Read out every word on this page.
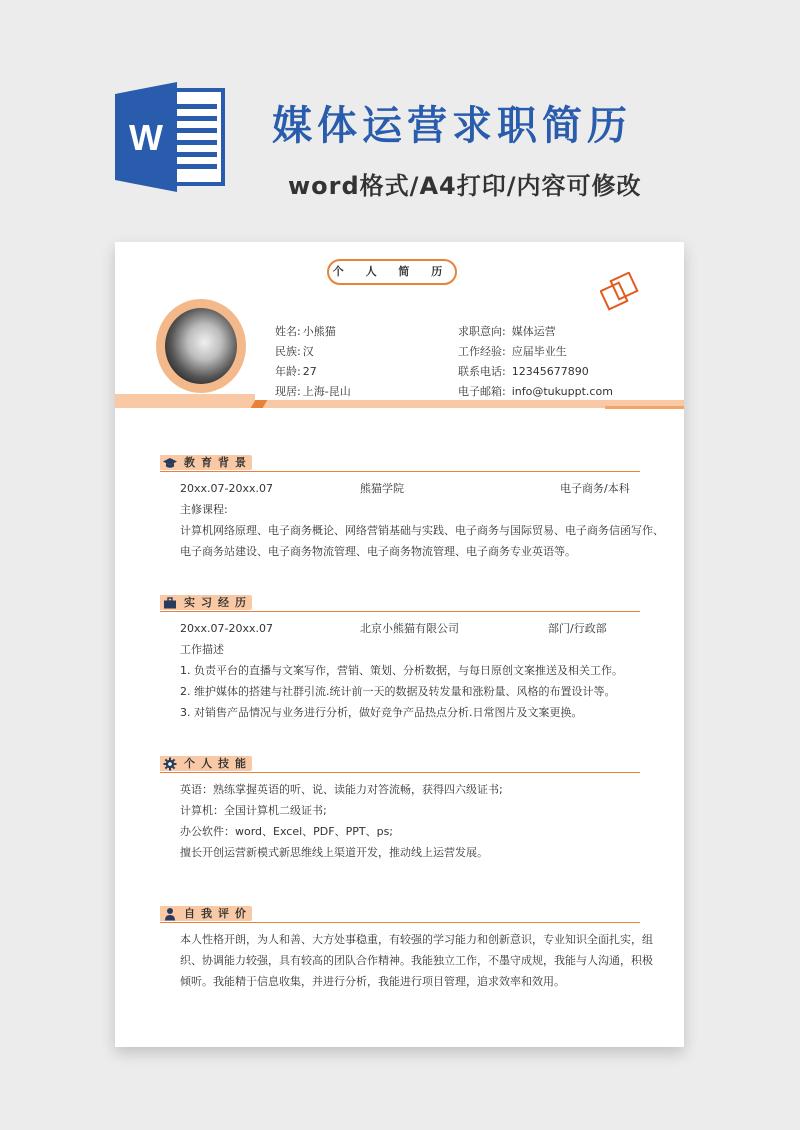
W	媒体运营求职简历
word格式/A4打印/内容可修改
个 人 简 历
姓名: 小熊猫
民族: 汉
年龄: 27
现居: 上海-昆山
求职意向: 媒体运营
工作经验: 应届毕业生
联系电话: 12345677890
电子邮箱: info@tukuppt.com
教育背景
20xx.07-20xx.07	熊猫学院	电子商务/本科
主修课程:
计算机网络原理、电子商务概论、网络营销基础与实践、电子商务与国际贸易、电子商务信函写作、
电子商务站建设、电子商务物流管理、电子商务物流管理、电子商务专业英语等。
实习经历
20xx.07-20xx.07	北京小熊猫有限公司	部门/行政部
工作描述
1. 负责平台的直播与文案写作，营销、策划、分析数据，与每日原创文案推送及相关工作。
2. 维护媒体的搭建与社群引流.统计前一天的数据及转发量和涨粉量、风格的布置设计等。
3. 对销售产品情况与业务进行分析，做好竞争产品热点分析.日常图片及文案更换。
个人技能
英语：熟练掌握英语的听、说、读能力对答流畅，获得四六级证书;
计算机：全国计算机二级证书;
办公软件：word、Excel、PDF、PPT、ps;
擅长开创运营新模式新思维线上渠道开发，推动线上运营发展。
自我评价
本人性格开朗，为人和善、大方处事稳重，有较强的学习能力和创新意识，专业知识全面扎实，组
织、协调能力较强，具有较高的团队合作精神。我能独立工作，不墨守成规，我能与人沟通，积极
倾听。我能精于信息收集，并进行分析，我能进行项目管理，追求效率和效用。
